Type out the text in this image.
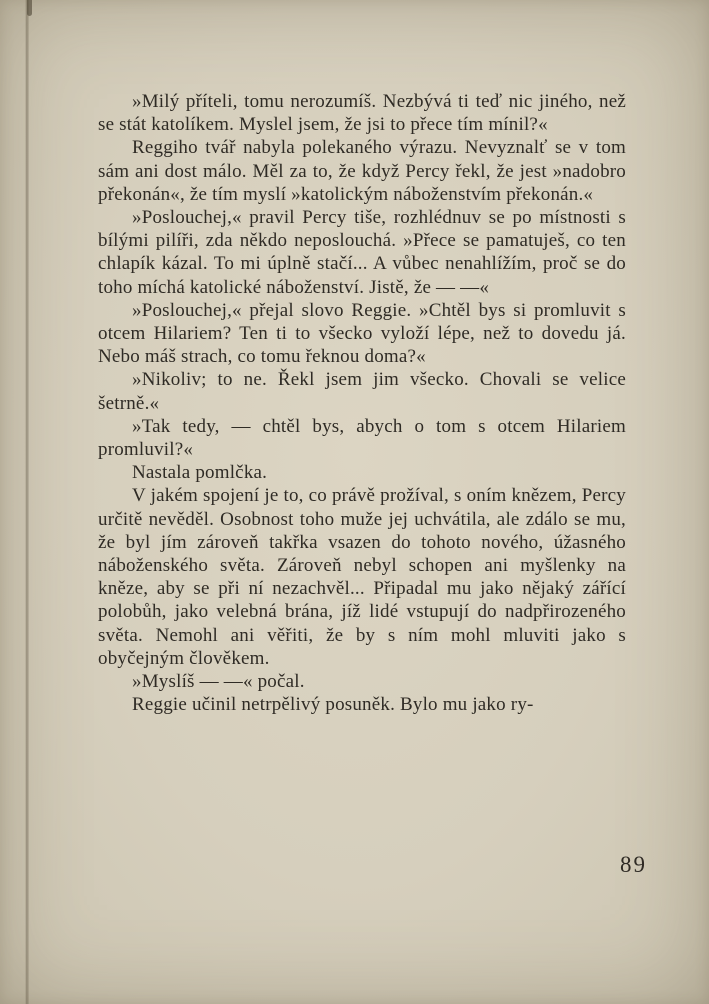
»Milý příteli, tomu nerozumíš. Nezbývá ti teď nic jiného, než se stát katolíkem. Myslel jsem, že jsi to přece tím mínil?«

Reggiho tvář nabyla polekaného výrazu. Nevyznalť se v tom sám ani dost málo. Měl za to, že když Percy řekl, že jest »nadobro překonán«, že tím myslí »katolickým náboženstvím překonán.«

»Poslouchej,« pravil Percy tiše, rozhlédnuv se po místnosti s bílými pilíři, zda někdo neposlouchá. »Přece se pamatuješ, co ten chlapík kázal. To mi úplně stačí... A vůbec nenahlížím, proč se do toho míchá katolické náboženství. Jistě, že — —«

»Poslouchej,« přejal slovo Reggie. »Chtěl bys si promluvit s otcem Hilariem? Ten ti to všecko vyloží lépe, než to dovedu já. Nebo máš strach, co tomu řeknou doma?«

»Nikoliv; to ne. Řekl jsem jim všecko. Chovali se velice šetrně.«

»Tak tedy, — chtěl bys, abych o tom s otcem Hilariem promluvil?«

Nastala pomlčka.

V jakém spojení je to, co právě prožíval, s oním knězem, Percy určitě nevěděl. Osobnost toho muže jej uchvátila, ale zdálo se mu, že byl jím zároveň takřka vsazen do tohoto nového, úžasného náboženského světa. Zároveň nebyl schopen ani myšlenky na kněze, aby se při ní nezachvěl... Připadal mu jako nějaký zářící polobůh, jako velebná brána, jíž lidé vstupují do nadpřirozeného světa. Nemohl ani věřiti, že by s ním mohl mluviti jako s obyčejným člověkem.

»Myslíš — —« počal.

Reggie učinil netrpělivý posuněk. Bylo mu jako ry-

89
